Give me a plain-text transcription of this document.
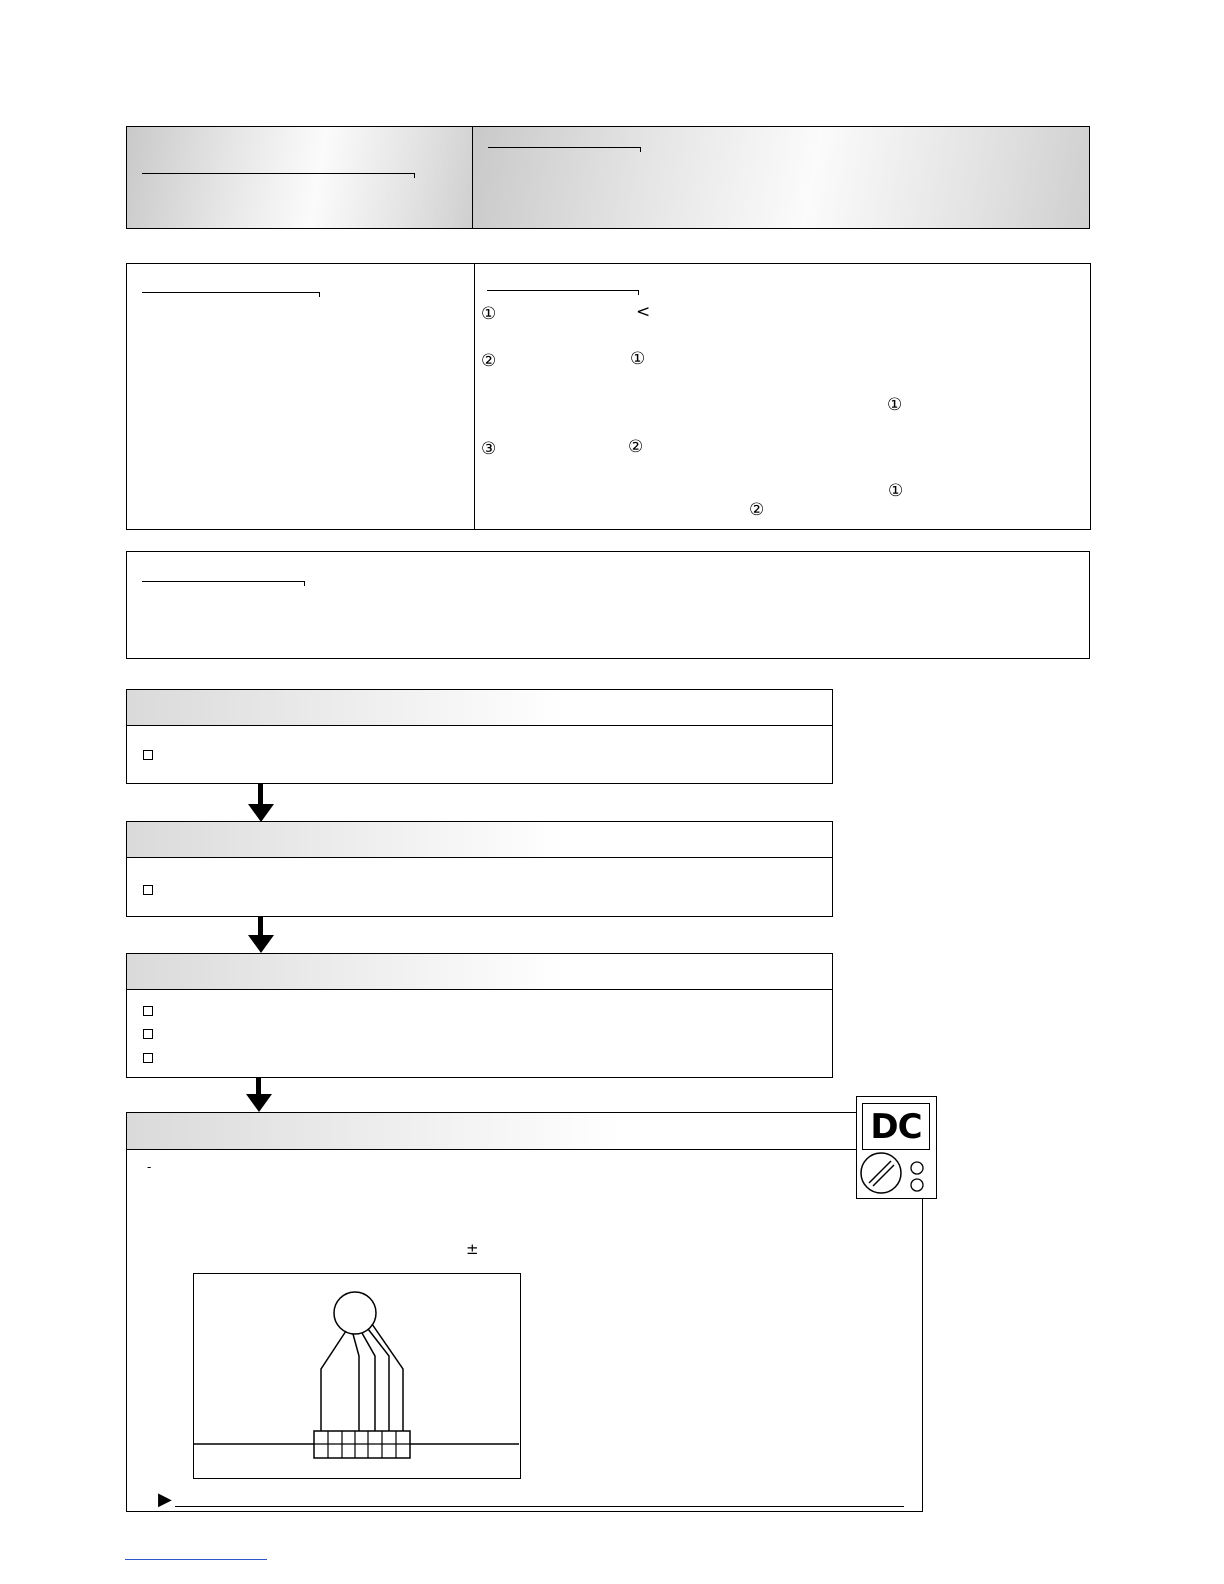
①	<
②	①
①
③	②
①
②
-
±
▶
DC
